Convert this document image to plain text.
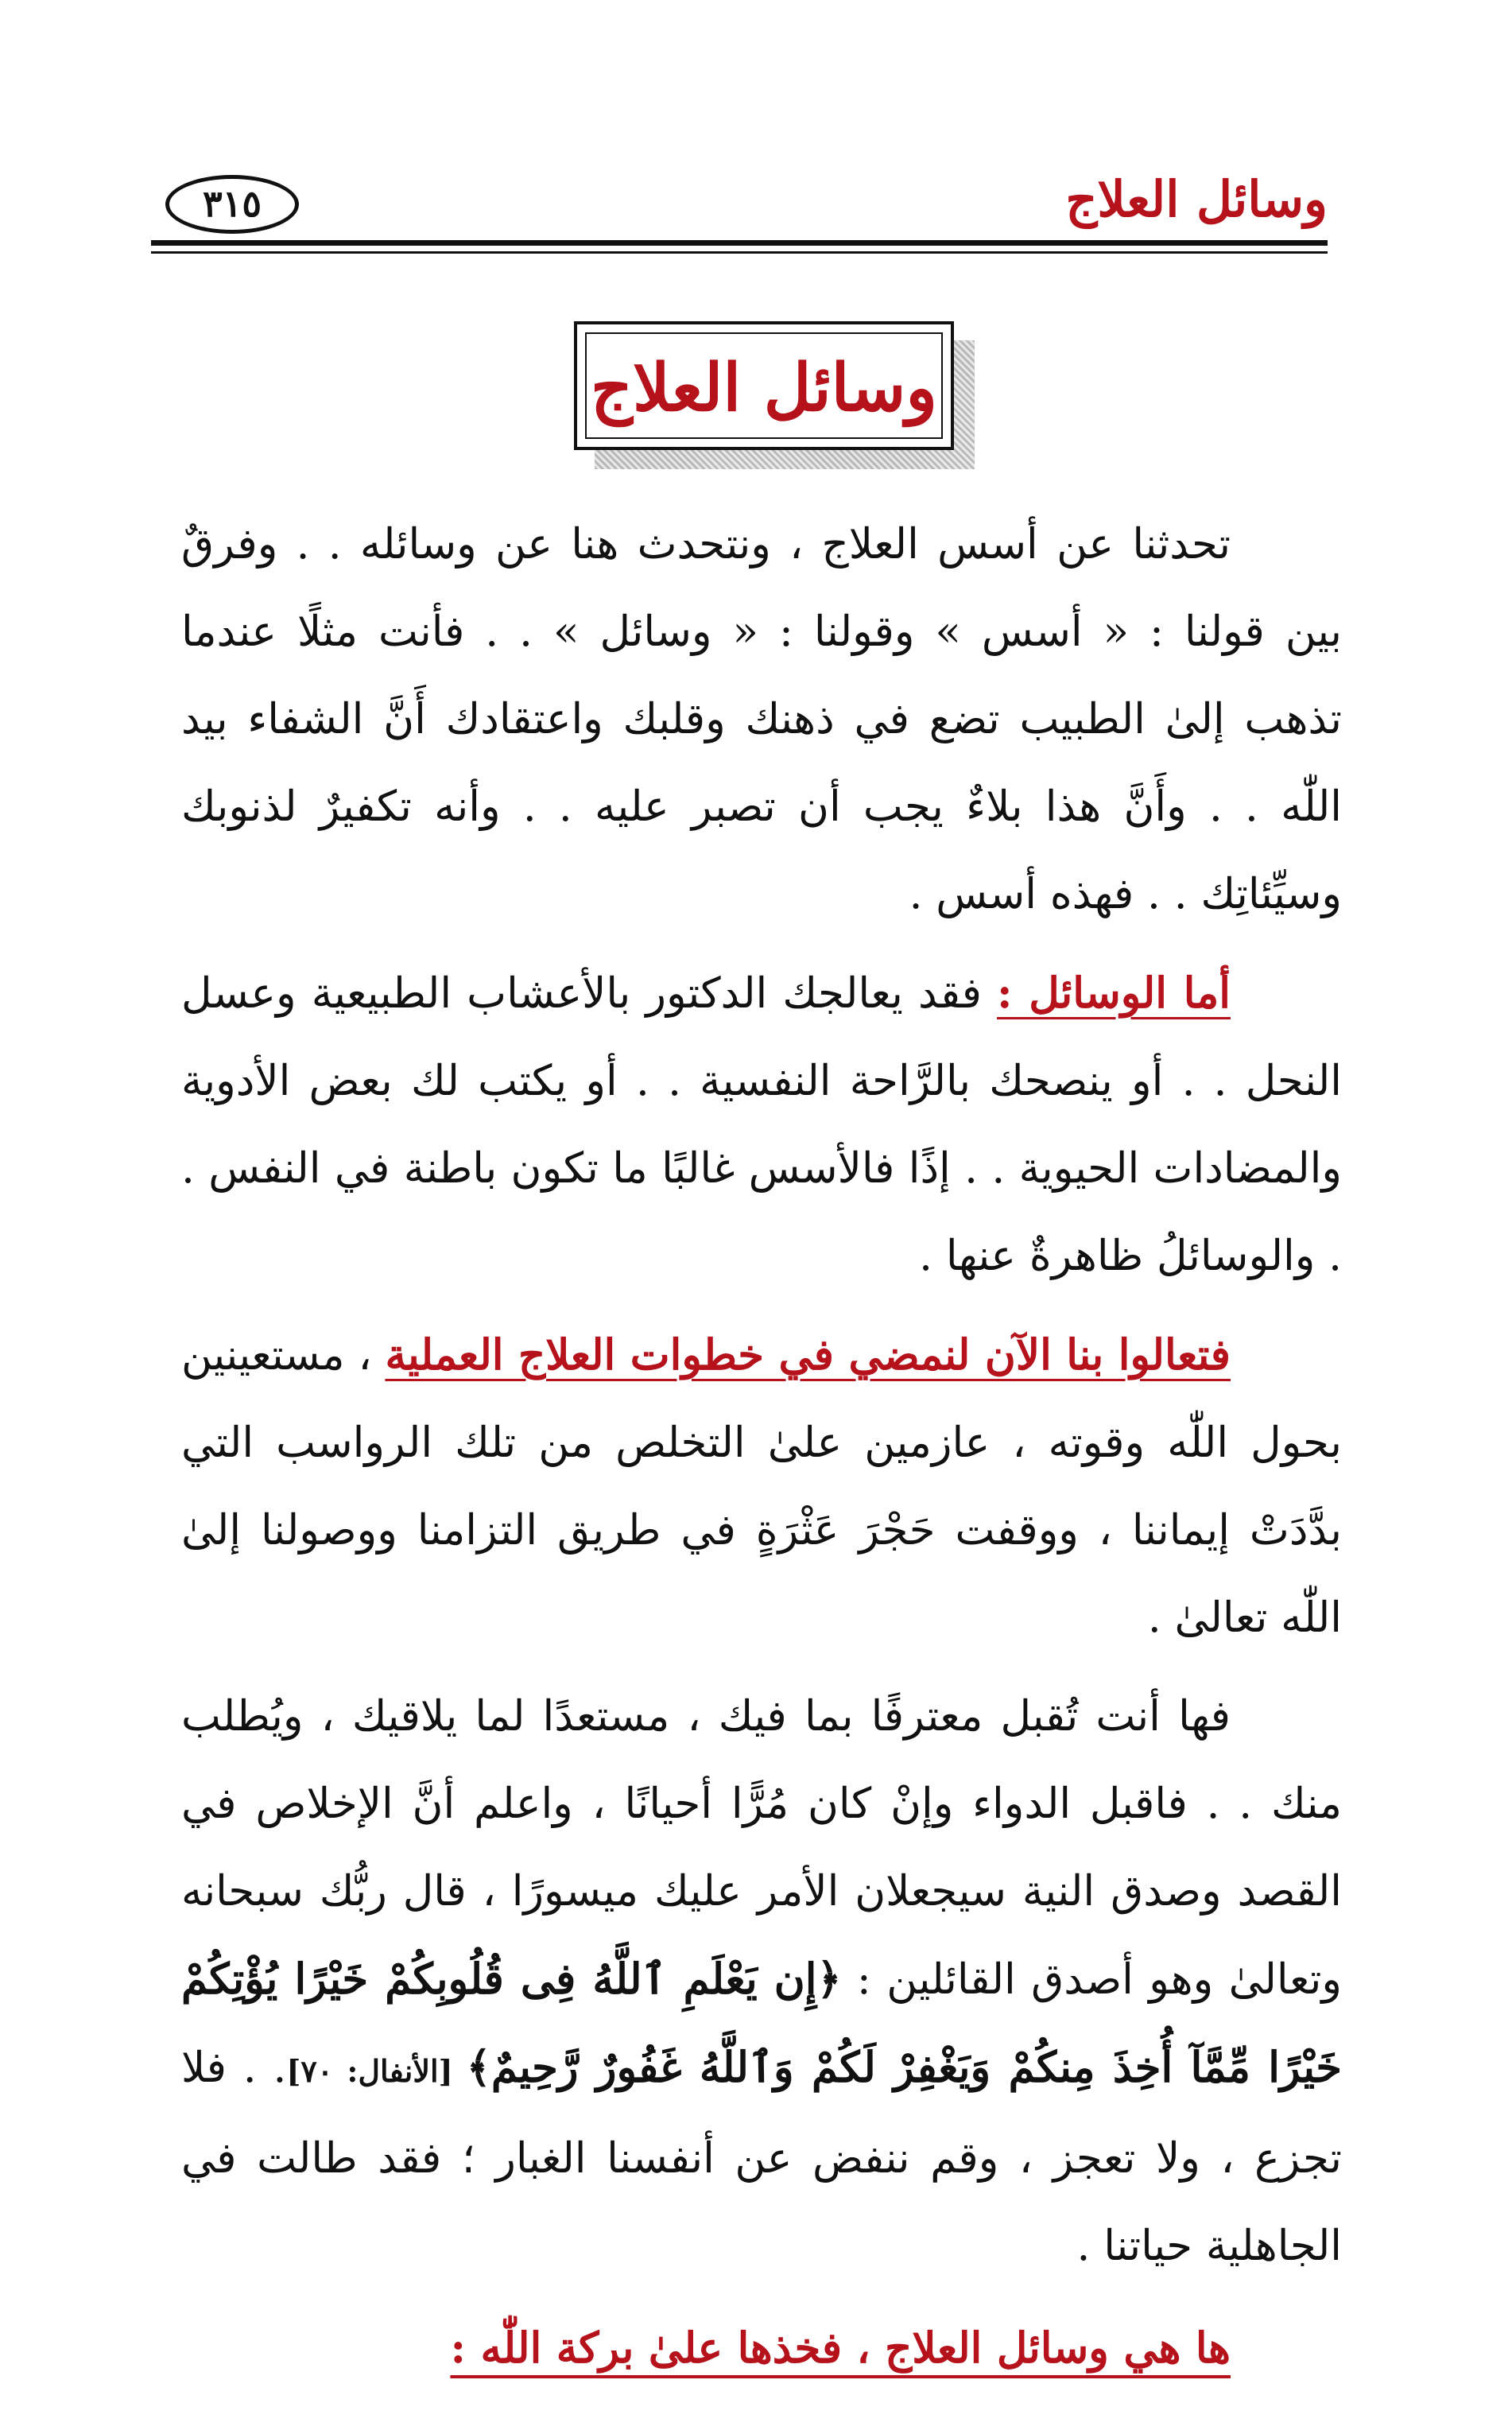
٣١٥	وسائل العلاج
وسائل العلاج

تحدثنا عن أسس العلاج ، ونتحدث هنا عن وسائله . . وفرقٌ بين قولنا : « أسس » وقولنا : « وسائل » . . فأنت مثلًا عندما تذهب إلىٰ الطبيب تضع في ذهنك وقلبك واعتقادك أَنَّ الشفاء بيد اللّٰه . . وأَنَّ هذا بلاءٌ يجب أن تصبر عليه . . وأنه تكفيرٌ لذنوبك وسيِّئاتِك . . فهذه أسس .

أما الوسائل : فقد يعالجك الدكتور بالأعشاب الطبيعية وعسل النحل . . أو ينصحك بالرَّاحة النفسية . . أو يكتب لك بعض الأدوية والمضادات الحيوية . . إذًا فالأسس غالبًا ما تكون باطنة في النفس . . والوسائلُ ظاهرةٌ عنها .

فتعالوا بنا الآن لنمضي في خطوات العلاج العملية ، مستعينين بحول اللّٰه وقوته ، عازمين علىٰ التخلص من تلك الرواسب التي بدَّدَتْ إيماننا ، ووقفت حَجْرَ عَثْرَةٍ في طريق التزامنا ووصولنا إلىٰ اللّٰه تعالىٰ .

فها أنت تُقبل معترفًا بما فيك ، مستعدًا لما يلاقيك ، ويُطلب منك . . فاقبل الدواء وإنْ كان مُرًّا أحيانًا ، واعلم أنَّ الإخلاص في القصد وصدق النية سيجعلان الأمر عليك ميسورًا ، قال ربُّك سبحانه وتعالىٰ وهو أصدق القائلين : ﴿إِن يَعْلَمِ ٱللَّهُ فِى قُلُوبِكُمْ خَيْرًا يُؤْتِكُمْ خَيْرًا مِّمَّآ أُخِذَ مِنكُمْ وَيَغْفِرْ لَكُمْ وَٱللَّهُ غَفُورٌ رَّحِيمٌ﴾ [الأنفال: ٧٠]. . فلا تجزع ، ولا تعجز ، وقم ننفض عن أنفسنا الغبار ؛ فقد طالت في الجاهلية حياتنا .

ها هي وسائل العلاج ، فخذها علىٰ بركة اللّٰه :
